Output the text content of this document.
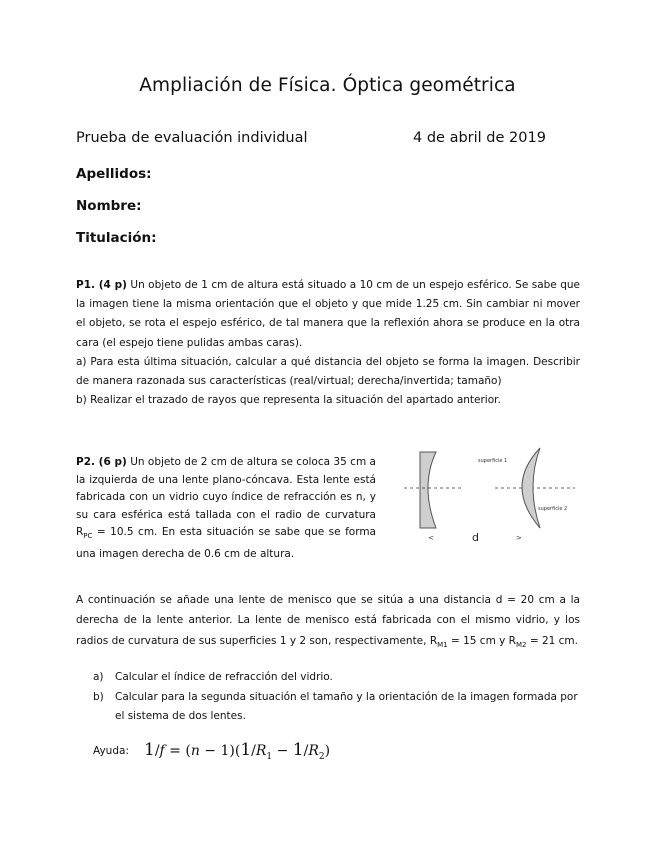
Ampliación de Física. Óptica geométrica
Prueba de evaluación individual	4 de abril de 2019
Apellidos:
Nombre:
Titulación:

P1. (4 p) Un objeto de 1 cm de altura está situado a 10 cm de un espejo esférico. Se sabe que la imagen tiene la misma orientación que el objeto y que mide 1.25 cm. Sin cambiar ni mover el objeto, se rota el espejo esférico, de tal manera que la reflexión ahora se produce en la otra cara (el espejo tiene pulidas ambas caras).

a) Para esta última situación, calcular a qué distancia del objeto se forma la imagen. Describir de manera razonada sus características (real/virtual; derecha/invertida; tamaño)

b) Realizar el trazado de rayos que representa la situación del apartado anterior.

P2. (6 p) Un objeto de 2 cm de altura se coloca 35 cm a la izquierda de una lente plano-cóncava. Esta lente está fabricada con un vidrio cuyo índice de refracción es n, y su cara esférica está tallada con el radio de curvatura $R_{PC} = 10.5$ cm. En esta situación se sabe que se forma una imagen derecha de 0.6 cm de altura.
superficie 1
superficie 2
<	d	>
A continuación se añade una lente de menisco que se sitúa a una distancia d = 20 cm a la derecha de la lente anterior. La lente de menisco está fabricada con el mismo vidrio, y los radios de curvatura de sus superficies 1 y 2 son, respectivamente, $R_{M1} = 15$ cm y $R_{M2} = 21$ cm.
a) Calcular el índice de refracción del vidrio.
b) Calcular para la segunda situación el tamaño y la orientación de la imagen formada por el sistema de dos lentes.
Ayuda: $1/f = (n - 1)(1/R_1 - 1/R_2)$
